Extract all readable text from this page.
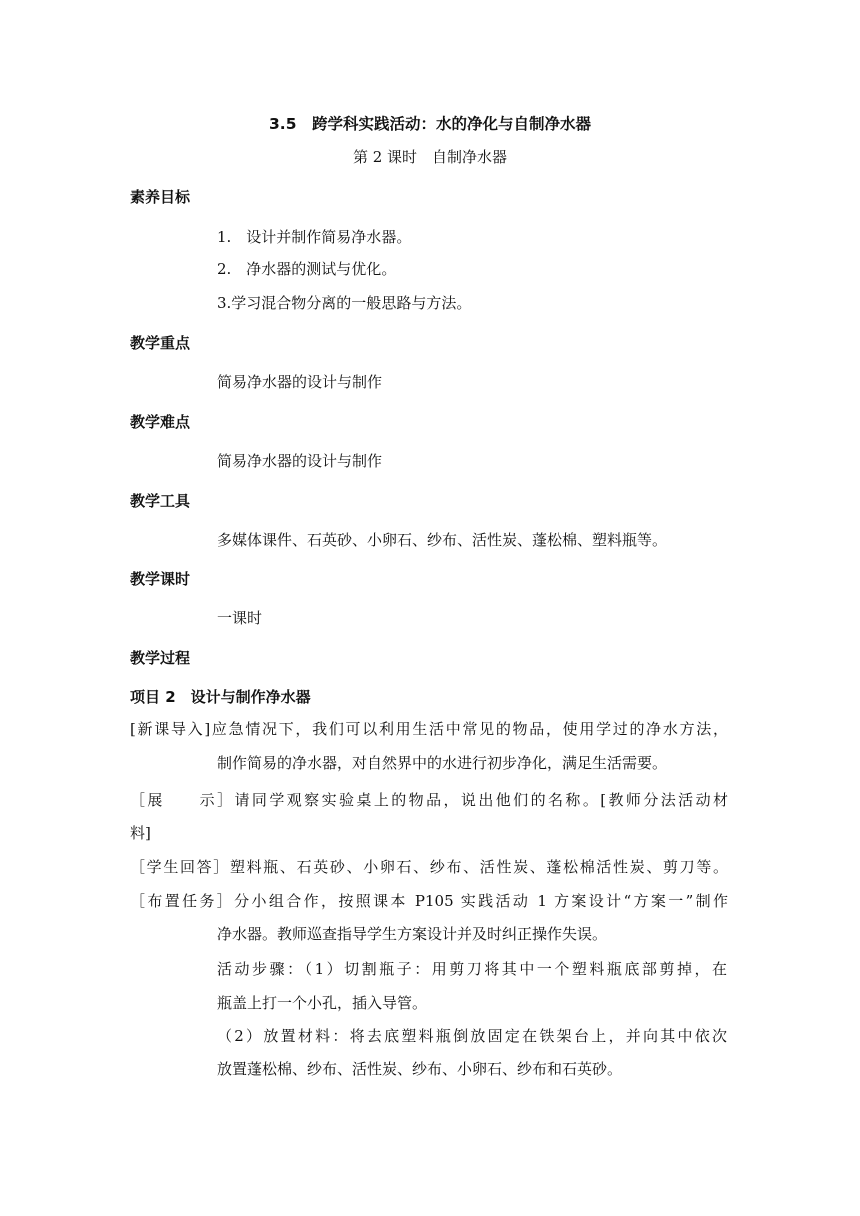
3.5　跨学科实践活动：水的净化与自制净水器
第 2 课时　自制净水器
素养目标
1.　设计并制作简易净水器。
2.　净水器的测试与优化。
3.学习混合物分离的一般思路与方法。
教学重点
简易净水器的设计与制作
教学难点
简易净水器的设计与制作
教学工具
多媒体课件、石英砂、小卵石、纱布、活性炭、蓬松棉、塑料瓶等。
教学课时
一课时
教学过程
项目 2　设计与制作净水器
[新课导入]应急情况下，我们可以利用生活中常见的物品，使用学过的净水方法，
制作简易的净水器，对自然界中的水进行初步净化，满足生活需要。
［展　　示］请同学观察实验桌上的物品，说出他们的名称。[教师分法活动材
料]
［学生回答］塑料瓶、石英砂、小卵石、纱布、活性炭、蓬松棉活性炭、剪刀等。
［布置任务］分小组合作，按照课本 P105 实践活动 1 方案设计“方案一”制作
净水器。教师巡查指导学生方案设计并及时纠正操作失误。
活动步骤：（1）切割瓶子：用剪刀将其中一个塑料瓶底部剪掉，在
瓶盖上打一个小孔，插入导管。
（2）放置材料：将去底塑料瓶倒放固定在铁架台上，并向其中依次
放置蓬松棉、纱布、活性炭、纱布、小卵石、纱布和石英砂。
